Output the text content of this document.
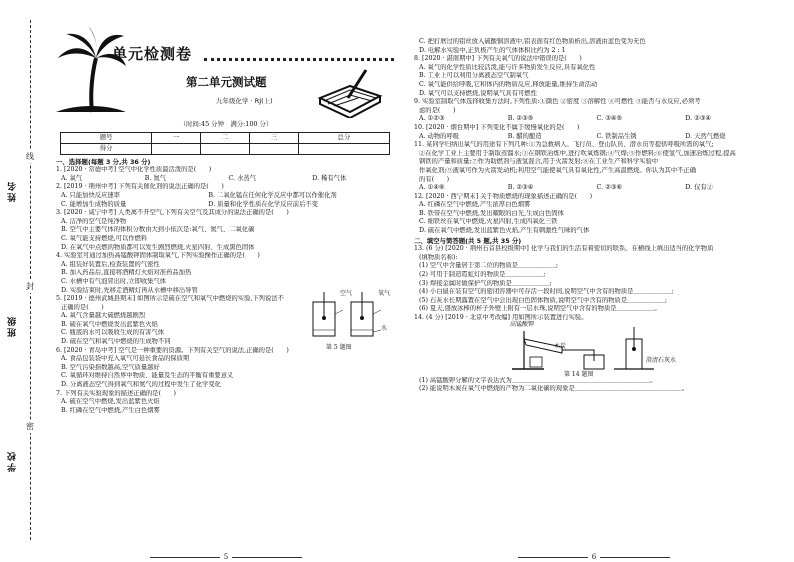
姓名
班级
学校
线
封
密
单元检测卷
第二单元测试题
九年级化学 · RJ(上)
（时间:45 分钟　满分:100 分）
题号	一	二	三	总分
得分				
一、选择题(每题 3 分,共 36 分)
1. [2020 · 常德中考] 空气中化学性质最活泼的是(　　)
A. 氧气	B. 氮气	C. 水蒸气	D. 稀有气体
2. [2019 · 荆州中考] 下列有关催化剂的说法正确的是(　　)
A. 只能加快反应速率	B. 二氧化锰在任何化学反应中都可以作催化剂
C. 能增加生成物的质量	D. 质量和化学性质在化学反应前后不变
3. [2020 · 咸宁中考] 人类离不开空气,下列有关空气及其成分的说法正确的是(　　)
A. 洁净的空气是纯净物
B. 空气中主要气体的体积分数由大到小依次是:氧气、氮气、二氧化碳
C. 氧气能支持燃烧,可以作燃料
D. 在氧气中点燃的物质都可以发生剧烈燃烧,火星四射、生成黑色固体
4. 实验室可通过加热高锰酸钾固体制取氧气,下列实验操作正确的是(　　)
A. 组装好装置后,检查装置的气密性
B. 加入药品后,直接将酒精灯火焰对准药品加热
C. 水槽中有气泡冒出时,立即收集气体
D. 实验结束时,先移走酒精灯再从水槽中移出导管
5. [2019 · 德州武城县期末] 如图所示是硫在空气和氧气中燃烧的实验,下列说法不
正确的是(　　)
A. 氧气含量越大硫燃烧越剧烈
B. 硫在氧气中燃烧发出蓝紫色火焰
C. 瓶底的水可以吸收生成的有害气体
D. 硫在空气和氧气中燃烧的生成物不同
空气	氧气
水
第 5 题图
6. [2020 · 青岛中考] 空气是一种重要的资源。下列有关空气的说法,正确的是(　　)
A. 食品包装袋中充入氧气可延长食品的保质期
B. 空气污染指数越高,空气质量越好
C. 氧循环对维持自然界中物质、能量及生态的平衡有重要意义
D. 分离液态空气得到氧气和氮气的过程中发生了化学变化
7. 下列有关实验现象的描述正确的是(　　)
A. 硫在空气中燃烧,发出蓝紫色火焰
B. 红磷在空气中燃烧,产生白色烟雾
5
C. 把打磨过的铝丝放入硫酸铜溶液中,铝表面有红色物质析出,溶液由蓝色变为无色
D. 电解水实验中,正负极产生的气体体积比约为 2 : 1
8. [2020 · 湛南期中] 下列有关氧气的说法中错误的是(　　)
A. 氧气的化学性质比较活泼,能与许多物质发生反应,具有氧化性
B. 工业上可以利用分离液态空气制氧气
C. 氧气能供给呼吸,它和体内的物质反应,释放能量,维持生命活动
D. 氧气可以支持燃烧,说明氧气具有可燃性
9. 实验室制取气体选择收集方法时,下列性质:①颜色 ②密度 ③溶解性 ④可燃性 ⑤能否与水反应,必须考
虑的是(　　)
A. ①②③	B. ②③⑤	C. ③④⑤	D. ②③④
10. [2020 · 烟台期中] 下列变化不属于缓慢氧化的是(　　)
A. 动物的呼吸	B. 醋的酿造	C. 铁制品生锈	D. 天然气燃烧
11. 某同学归纳出氧气的用途有下列几种:①为急救病人、飞行员、登山队员、潜水员等提供呼吸所需的氧气;
②在化学工业上主要用于制取蒸馏水;③在钢铁冶炼中,进行吹氧炼钢;④气焊;⑤作燃料;⑥使氢气,加速冶炼过程,提高
钢铁的产量和质量;⑦作为助燃剂与液氢混合,用于火箭发射;⑧在工业生产和科学实验中
作氧化剂;⑨液氧可作为火箭发动机;利用空气能使氧气具有氧化性,产生高温燃烧。你认为其中不正确
的有(　　)
A. ①④⑥	B. ②③④	C. ②③⑥	D. 仅有②
12. [2020 · 西宁期末] 关于物质燃烧的现象描述正确的是(　　)
A. 红磷在空气中燃烧,产生浓厚白色烟雾
B. 铁带在空气中燃烧,发出耀眼的白光,生成白色固体
C. 细铁丝在氧气中燃烧,火星四射,生成四氧化三铁
D. 硫在氧气中燃烧,发出蓝紫色火焰,产生有刺激性气味的气体
二、填空与简答题(共 5 题,共 35 分)
13. (6 分) [2020 · 荆州石首县校级期中] 化学与我们的生活有着密切的联系。在横线上填出适当的化学物质
(填物质名称):
(1) 空气中含量居于第二位的物质是＿＿＿＿＿＿;
(2) 可用于制造霓虹灯的物质是＿＿＿＿＿＿;
(3) 焊接金属时做保护气的物质是＿＿＿＿＿＿;
(4) 小白鼠在装有空气的密闭容器中可存活一段时间,说明空气中含有的物质是＿＿＿＿＿＿;
(5) 石灰水长期露置在空气中会出现白色固体物质,说明空气中含有的物质是＿＿＿＿＿＿;
(6) 夏天,盛放冰棒的杯子外壁上附有一层水珠,说明空气中含有的物质是＿＿＿＿＿＿。
14. (4 分) [2019 · 北京中考改编] 用如图所示装置进行实验。
高锰酸钾
木炭
澄清石灰水
第 14 题图
(1) 高锰酸钾分解的文字表达式为＿＿＿＿＿＿＿＿＿＿＿＿＿＿＿＿＿＿＿＿＿＿。
(2) 能说明木炭在氧气中燃烧的产物为二氧化碳的现象是＿＿＿＿＿＿＿＿＿＿＿＿＿＿＿＿＿。
6
